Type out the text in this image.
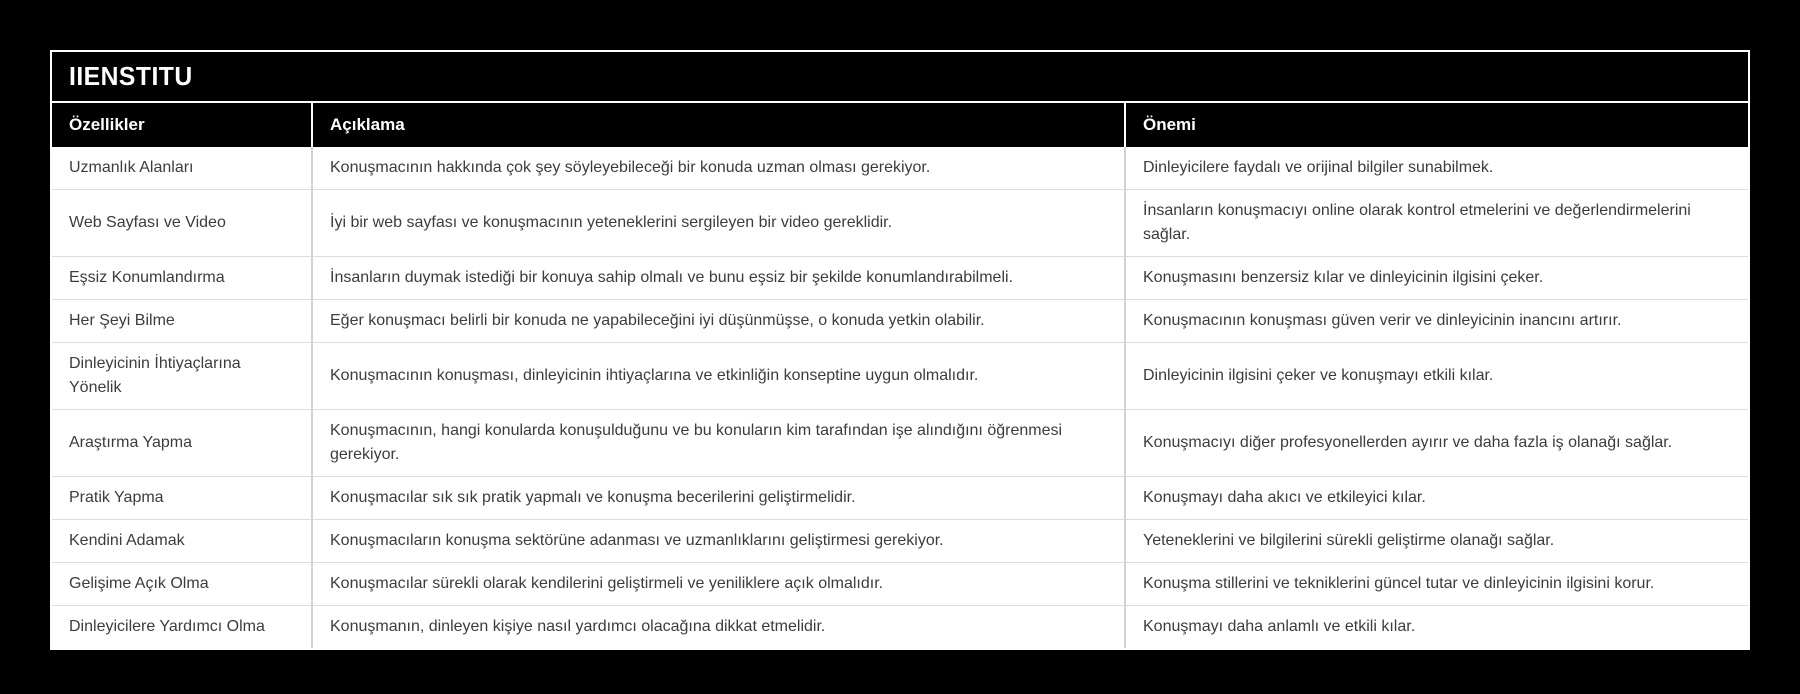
IIENSTITU
Özellikler	Açıklama	Önemi
Uzmanlık Alanları	Konuşmacının hakkında çok şey söyleyebileceği bir konuda uzman olması gerekiyor.	Dinleyicilere faydalı ve orijinal bilgiler sunabilmek.
Web Sayfası ve Video	İyi bir web sayfası ve konuşmacının yeteneklerini sergileyen bir video gereklidir.	İnsanların konuşmacıyı online olarak kontrol etmelerini ve değerlendirmelerini sağlar.
Eşsiz Konumlandırma	İnsanların duymak istediği bir konuya sahip olmalı ve bunu eşsiz bir şekilde konumlandırabilmeli.	Konuşmasını benzersiz kılar ve dinleyicinin ilgisini çeker.
Her Şeyi Bilme	Eğer konuşmacı belirli bir konuda ne yapabileceğini iyi düşünmüşse, o konuda yetkin olabilir.	Konuşmacının konuşması güven verir ve dinleyicinin inancını artırır.
Dinleyicinin İhtiyaçlarına Yönelik	Konuşmacının konuşması, dinleyicinin ihtiyaçlarına ve etkinliğin konseptine uygun olmalıdır.	Dinleyicinin ilgisini çeker ve konuşmayı etkili kılar.
Araştırma Yapma	Konuşmacının, hangi konularda konuşulduğunu ve bu konuların kim tarafından işe alındığını öğrenmesi gerekiyor.	Konuşmacıyı diğer profesyonellerden ayırır ve daha fazla iş olanağı sağlar.
Pratik Yapma	Konuşmacılar sık sık pratik yapmalı ve konuşma becerilerini geliştirmelidir.	Konuşmayı daha akıcı ve etkileyici kılar.
Kendini Adamak	Konuşmacıların konuşma sektörüne adanması ve uzmanlıklarını geliştirmesi gerekiyor.	Yeteneklerini ve bilgilerini sürekli geliştirme olanağı sağlar.
Gelişime Açık Olma	Konuşmacılar sürekli olarak kendilerini geliştirmeli ve yeniliklere açık olmalıdır.	Konuşma stillerini ve tekniklerini güncel tutar ve dinleyicinin ilgisini korur.
Dinleyicilere Yardımcı Olma	Konuşmanın, dinleyen kişiye nasıl yardımcı olacağına dikkat etmelidir.	Konuşmayı daha anlamlı ve etkili kılar.
